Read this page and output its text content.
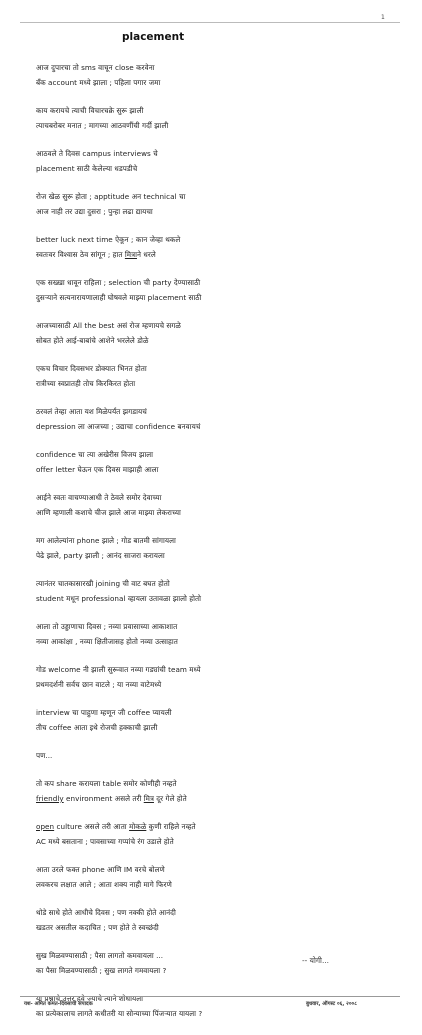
1
placement
आज दुपारचा तो sms वाचून close करवेना
बँक account मध्ये झाला ; पहिला पगार जमा
काय करायचे त्याची विचारचक्रे सुरू झाली
त्याचबरोबर मनात ; मागच्या आठवणींची गर्दी झाली
आठवले ते दिवस campus interviews चे
placement साठी केलेल्या धडपडीचे
रोज खेळ सुरू होता ; apptitude अन technical चा
आज नाही तर उद्या दुसरा ; पुन्हा लढा द्यायचा
better luck next time ऐकून ; कान जेव्हा थकले
स्वतःवर विश्वास ठेव सांगून ; हात मित्राने धरले
एक सख्खा धावून राहिला ; selection ची party देण्यासाठी
दुसऱ्याने सत्यनारायणालाही घोषवले माझ्या placement साठी
आजच्यासाठी All the best असं रोज म्हणायचे सगळे
सोबत होते आई-बाबांचे आशेने भरलेले डोळे
एकच विचार दिवसभर डोक्यात भिनत होता
रात्रीच्या स्वप्नातही तोच किरकिरत होता
ठरवलं तेव्हा आता यश मिळेपर्यंत झगडायचं
depression ला आजच्या ; उद्याचा confidence बनवायचं
confidence चा त्या अखेरीस विजय झाला
offer letter घेऊन एक दिवस माझाही आला
आईने स्वतः वाचण्याआधी ते ठेवले समोर देवाच्या
आणि म्हणाली कशाचे चीज झाले आज माझ्या लेकराच्या
मग आलेल्यांना phone झाले ; गोड बातमी सांगायला
पेढे झाले, party झाली ; आनंद साजरा करायला
त्यानंतर चातकासारखी joining ची वाट बघत होतो
student मधून professional व्हायला उतावळा झालो होतो
आला तो उड्डाणाचा दिवस ; नव्या प्रवासाच्या आकाशात
नव्या आकांक्षा , नव्या क्षितीजासह होतो नव्या उत्साहात
गोड welcome नी झाली सुरूवात नव्या गड्यांची team मध्ये
प्रथमदर्शनी सर्वच छान वाटले ; या नव्या वाटेमध्ये
interview चा पाहुणा म्हणून जी coffee प्यायली
तीच coffee आता इथे रोजची हक्काची झाली
पण...
तो कप share करायला table समोर कोणीही नव्हते
friendly environment असले तरी मित्र दूर गेले होते
open culture असले तरी आता मोकळे कुणी राहिले नव्हते
AC मध्ये बसताना ; पावसाच्या गप्पांचे रंग उडाले होते
आता उरले फक्त phone आणि IM वरचे बोलणे
लवकरच लक्षात आले ; आता शक्य नाही मागे फिरणे
थोडे साधे होते आधीचे दिवस ; पण नक्की होते आनंदी
खडतर असतील कदाचित ; पण होते ते स्वच्छंदी
सुख मिळवण्यासाठी ; पैसा लागतो कमवायला ...
का पैसा मिळवण्यासाठी ; सुख लागते गमवायला ?
या प्रश्नाचे उत्तर हवे ज्याचे त्याने शोधायला
का प्रत्येकालाच लागते कधीतरी या सोन्याच्या पिंजऱ्यात यायला ?
-- योगी...
यश- अमित कमत-दिवसाची संपादक	बुधवार, ऑगस्ट ०६, २००८
